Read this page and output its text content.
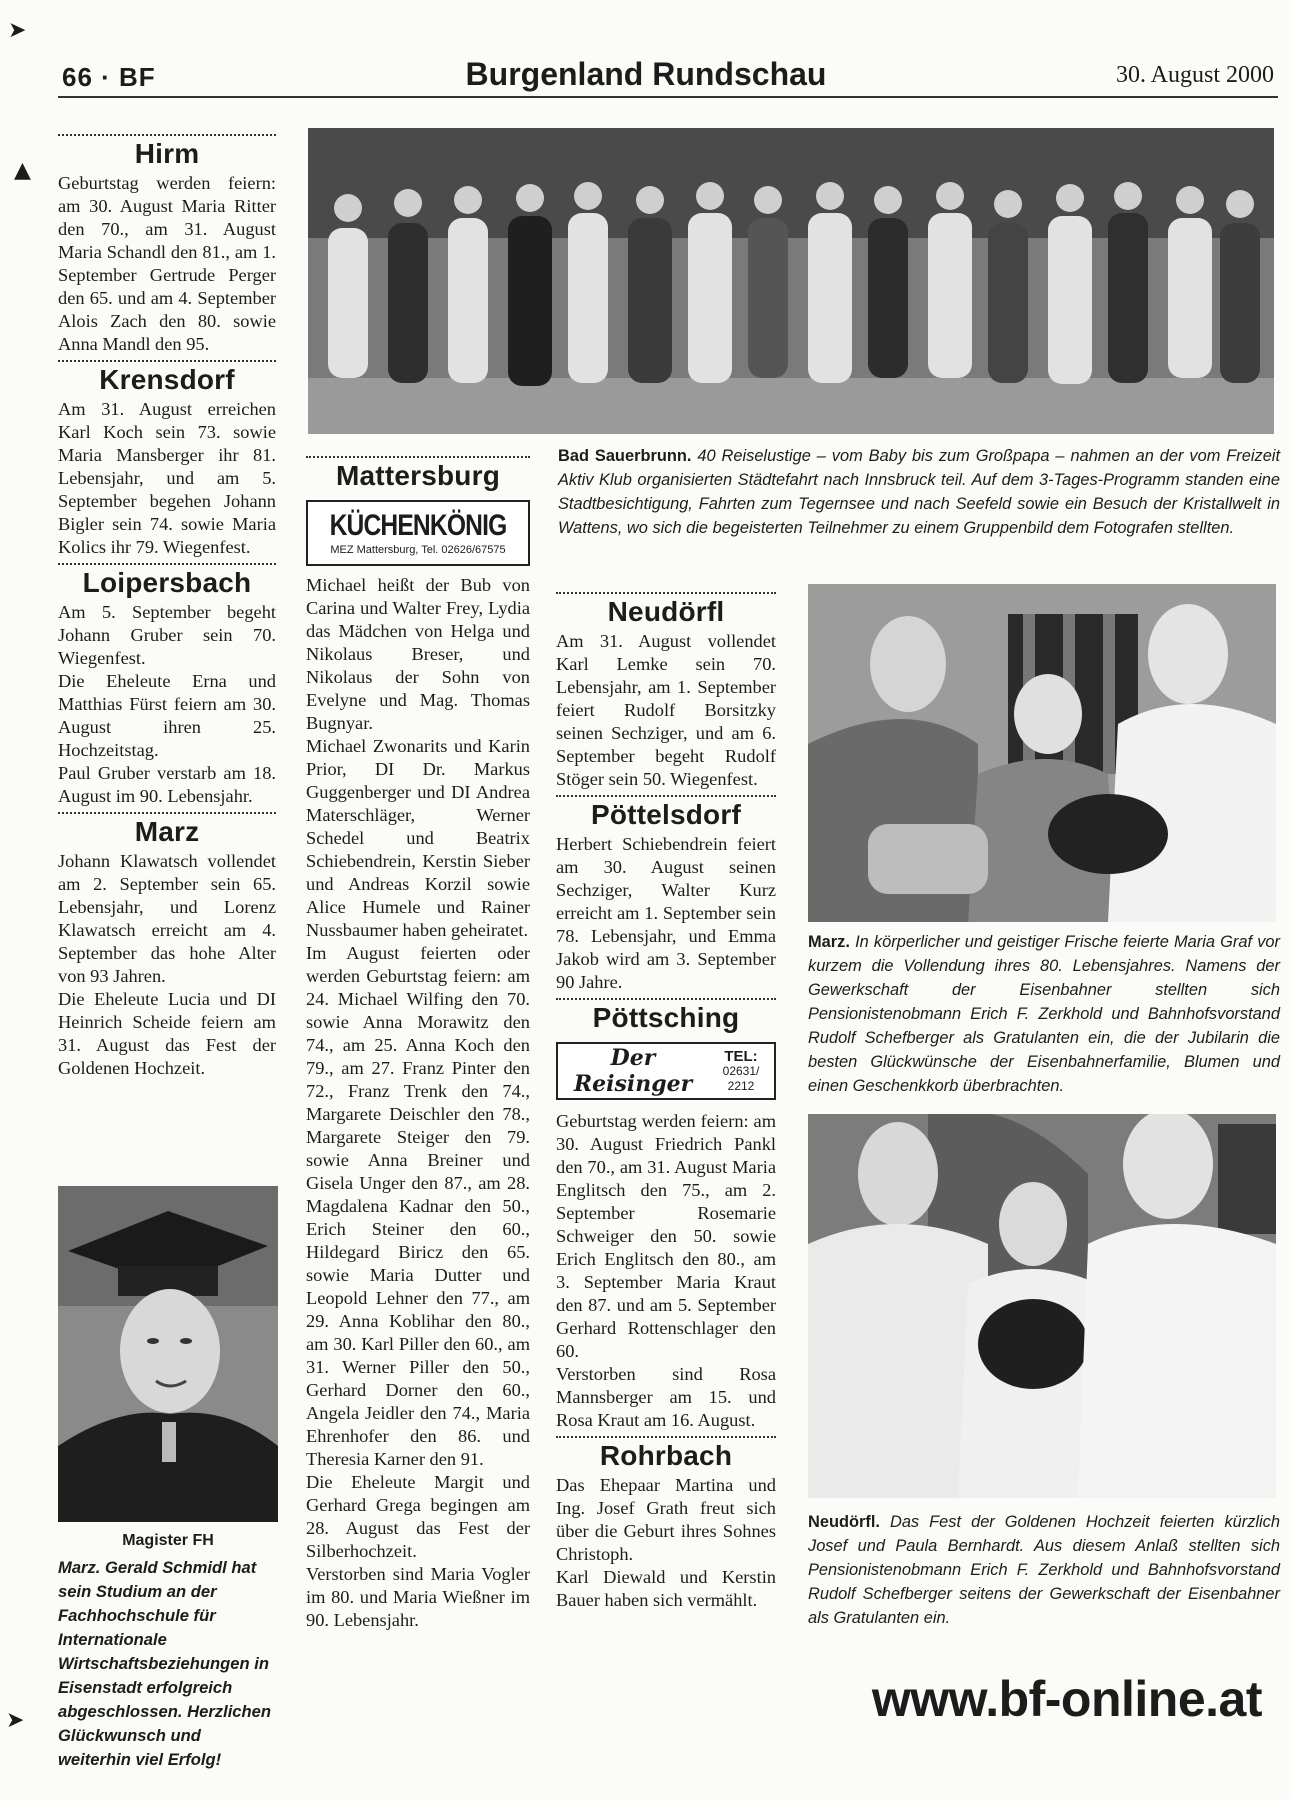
➤
▲
➤
66 · BF	Burgenland Rundschau	30. August 2000
Hirm

Geburtstag werden feiern: am 30. August Maria Ritter den 70., am 31. August Maria Schandl den 81., am 1. September Gertrude Perger den 65. und am 4. September Alois Zach den 80. sowie Anna Mandl den 95.

Krensdorf

Am 31. August erreichen Karl Koch sein 73. sowie Maria Mansberger ihr 81. Lebensjahr, und am 5. September begehen Johann Bigler sein 74. sowie Maria Kolics ihr 79. Wiegenfest.

Loipersbach

Am 5. September begeht Johann Gruber sein 70. Wiegenfest.
Die Eheleute Erna und Matthias Fürst feiern am 30. August ihren 25. Hochzeitstag.
Paul Gruber verstarb am 18. August im 90. Lebensjahr.

Marz

Johann Klawatsch vollendet am 2. September sein 65. Lebensjahr, und Lorenz Klawatsch erreicht am 4. September das hohe Alter von 93 Jahren.
Die Eheleute Lucia und DI Heinrich Scheide feiern am 31. August das Fest der Goldenen Hochzeit.

Magister FH
Marz. Gerald Schmidl hat sein Studium an der Fachhochschule für Internationale Wirtschaftsbeziehungen in Eisenstadt erfolgreich abgeschlossen. Herzlichen Glückwunsch und weiterhin viel Erfolg!
Bad Sauerbrunn. 40 Reiselustige – vom Baby bis zum Großpapa – nahmen an der vom Freizeit Aktiv Klub organisierten Städtefahrt nach Innsbruck teil. Auf dem 3-Tages-Programm standen eine Stadtbesichtigung, Fahrten zum Tegernsee und nach Seefeld sowie ein Besuch der Kristallwelt in Wattens, wo sich die begeisterten Teilnehmer zu einem Gruppenbild dem Fotografen stellten.
Mattersburg
KÜCHENKÖNIG
MEZ Mattersburg, Tel. 02626/67575

Michael heißt der Bub von Carina und Walter Frey, Lydia das Mädchen von Helga und Nikolaus Breser, und Nikolaus der Sohn von Evelyne und Mag. Thomas Bugnyar.
Michael Zwonarits und Karin Prior, DI Dr. Markus Guggenberger und DI Andrea Materschläger, Werner Schedel und Beatrix Schiebendrein, Kerstin Sieber und Andreas Korzil sowie Alice Humele und Rainer Nussbaumer haben geheiratet.
Im August feierten oder werden Geburtstag feiern: am 24. Michael Wilfing den 70. sowie Anna Morawitz den 74., am 25. Anna Koch den 79., am 27. Franz Pinter den 72., Franz Trenk den 74., Margarete Deischler den 78., Margarete Steiger den 79. sowie Anna Breiner und Gisela Unger den 87., am 28. Magdalena Kadnar den 50., Erich Steiner den 60., Hildegard Biricz den 65. sowie Maria Dutter und Leopold Lehner den 77., am 29. Anna Koblihar den 80., am 30. Karl Piller den 60., am 31. Werner Piller den 50., Gerhard Dorner den 60., Angela Jeidler den 74., Maria Ehrenhofer den 86. und Theresia Karner den 91.
Die Eheleute Margit und Gerhard Grega begingen am 28. August das Fest der Silberhochzeit.
Verstorben sind Maria Vogler im 80. und Maria Wießner im 90. Lebensjahr.

Neudörfl

Am 31. August vollendet Karl Lemke sein 70. Lebensjahr, am 1. September feiert Rudolf Borsitzky seinen Sechziger, und am 6. September begeht Rudolf Stöger sein 50. Wiegenfest.

Pöttelsdorf

Herbert Schiebendrein feiert am 30. August seinen Sechziger, Walter Kurz erreicht am 1. September sein 78. Lebensjahr, und Emma Jakob wird am 3. September 90 Jahre.

Pöttsching
Der Reisinger
TEL:
02631/ 2212

Geburtstag werden feiern: am 30. August Friedrich Pankl den 70., am 31. August Maria Englitsch den 75., am 2. September Rosemarie Schweiger den 50. sowie Erich Englitsch den 80., am 3. September Maria Kraut den 87. und am 5. September Gerhard Rottenschlager den 60.
Verstorben sind Rosa Mannsberger am 15. und Rosa Kraut am 16. August.

Rohrbach

Das Ehepaar Martina und Ing. Josef Grath freut sich über die Geburt ihres Sohnes Christoph.
Karl Diewald und Kerstin Bauer haben sich vermählt.

Marz. In körperlicher und geistiger Frische feierte Maria Graf vor kurzem die Vollendung ihres 80. Lebensjahres. Namens der Gewerkschaft der Eisenbahner stellten sich Pensionistenobmann Erich F. Zerkhold und Bahnhofsvorstand Rudolf Schefberger als Gratulanten ein, die der Jubilarin die besten Glückwünsche der Eisenbahnerfamilie, Blumen und einen Geschenkkorb überbrachten.
Neudörfl. Das Fest der Goldenen Hochzeit feierten kürzlich Josef und Paula Bernhardt. Aus diesem Anlaß stellten sich Pensionistenobmann Erich F. Zerkhold und Bahnhofsvorstand Rudolf Schefberger seitens der Gewerkschaft der Eisenbahner als Gratulanten ein.
www.bf-online.at
